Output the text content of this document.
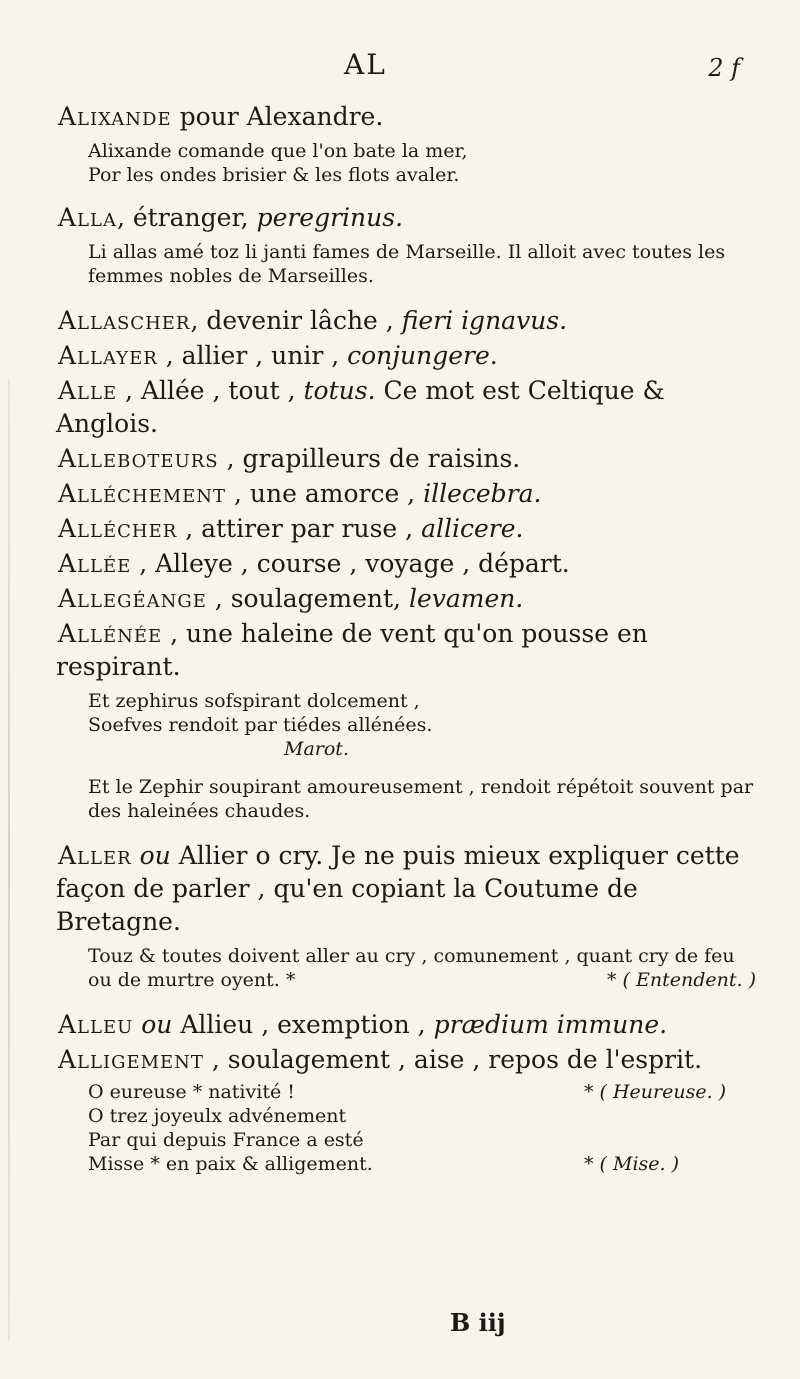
AL	2 f

Alixande pour Alexandre.

Alixande comande que l'on bate la mer,
Por les ondes brisier & les flots avaler.

Alla, étranger, peregrinus.

Li allas amé toz li janti fames de Marseille. Il alloit avec toutes les femmes nobles de Marseilles.

Allascher, devenir lâche , fieri ignavus.

Allayer , allier , unir , conjungere.

Alle , Allée , tout , totus. Ce mot est Celtique & Anglois.

Alleboteurs , grapilleurs de raisins.

Alléchement , une amorce , illecebra.

Allécher , attirer par ruse , allicere.

Allée , Alleye , course , voyage , départ.

Allegéange , soulagement, levamen.

Allénée , une haleine de vent qu'on pousse en respirant.

Et zephirus sofspirant dolcement ,
Soefves rendoit par tiédes allénées.
Marot.
Et le Zephir soupirant amoureusement , rendoit répétoit souvent par des haleinées chaudes.

Aller ou Allier o cry. Je ne puis mieux expliquer cette façon de parler , qu'en copiant la Coutume de Bretagne.

Touz & toutes doivent aller au cry , comunement , quant cry de feu ou de murtre oyent. *	* ( Entendent. )

Alleu ou Allieu , exemption , prædium immune.

Alligement , soulagement , aise , repos de l'esprit.

O eureuse * nativité !	* ( Heureuse. )
O trez joyeulx advénement
Par qui depuis France a esté
Misse * en paix & alligement.	* ( Mise. )
B iij
